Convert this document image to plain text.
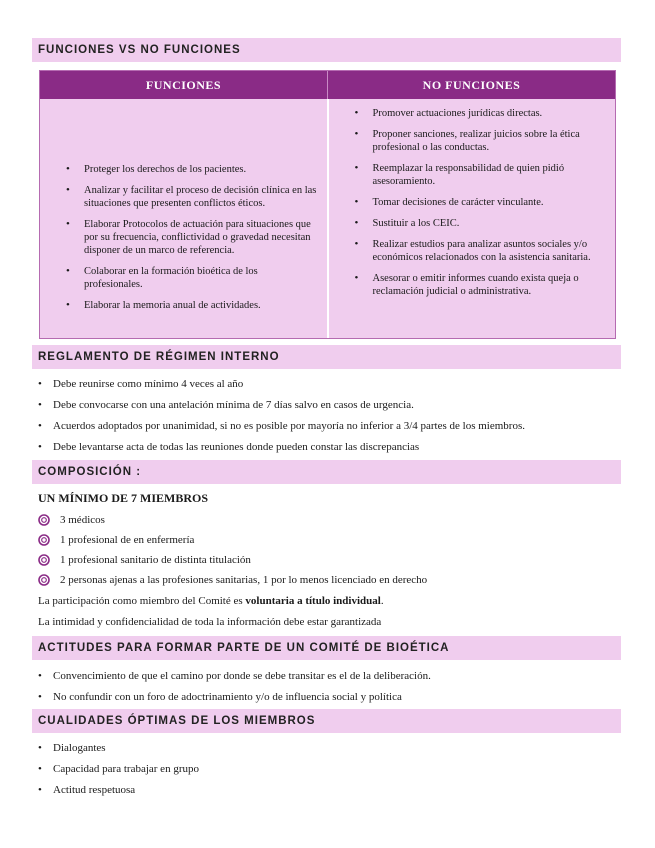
FUNCIONES VS NO FUNCIONES
FUNCIONES	NO FUNCIONES
• Proteger los derechos de los pacientes.
• Analizar y facilitar el proceso de decisión clínica en las situaciones que presenten conflictos éticos.
• Elaborar Protocolos de actuación para situaciones que por su frecuencia, conflictividad o gravedad necesitan disponer de un marco de referencia.
• Colaborar en la formación bioética de los profesionales.
• Elaborar la memoria anual de actividades.
• Promover actuaciones jurídicas directas.
• Proponer sanciones, realizar juicios sobre la ética profesional o las conductas.
• Reemplazar la responsabilidad de quien pidió asesoramiento.
• Tomar decisiones de carácter vinculante.
• Sustituir a los CEIC.
• Realizar estudios para analizar asuntos sociales y/o económicos relacionados con la asistencia sanitaria.
• Asesorar o emitir informes cuando exista queja o reclamación judicial o administrativa.
REGLAMENTO DE RÉGIMEN INTERNO
• Debe reunirse como mínimo 4 veces al año
• Debe convocarse con una antelación mínima de 7 días salvo en casos de urgencia.
• Acuerdos adoptados por unanimidad, si no es posible por mayoría no inferior a 3/4 partes de los miembros.
• Debe levantarse acta de todas las reuniones donde pueden constar las discrepancias
COMPOSICIÓN :
UN MÍNIMO DE 7 MIEMBROS
3 médicos
1 profesional de en enfermería
1 profesional sanitario de distinta titulación
2 personas ajenas a las profesiones sanitarias, 1 por lo menos licenciado en derecho
La participación como miembro del Comité es voluntaria a título individual.
La intimidad y confidencialidad de toda la información debe estar garantizada
ACTITUDES PARA FORMAR PARTE DE UN COMITÉ DE BIOÉTICA
• Convencimiento de que el camino por donde se debe transitar es el de la deliberación.
• No confundir con un foro de adoctrinamiento y/o de influencia social y política
CUALIDADES ÓPTIMAS DE LOS MIEMBROS
• Dialogantes
• Capacidad para trabajar en grupo
• Actitud respetuosa
